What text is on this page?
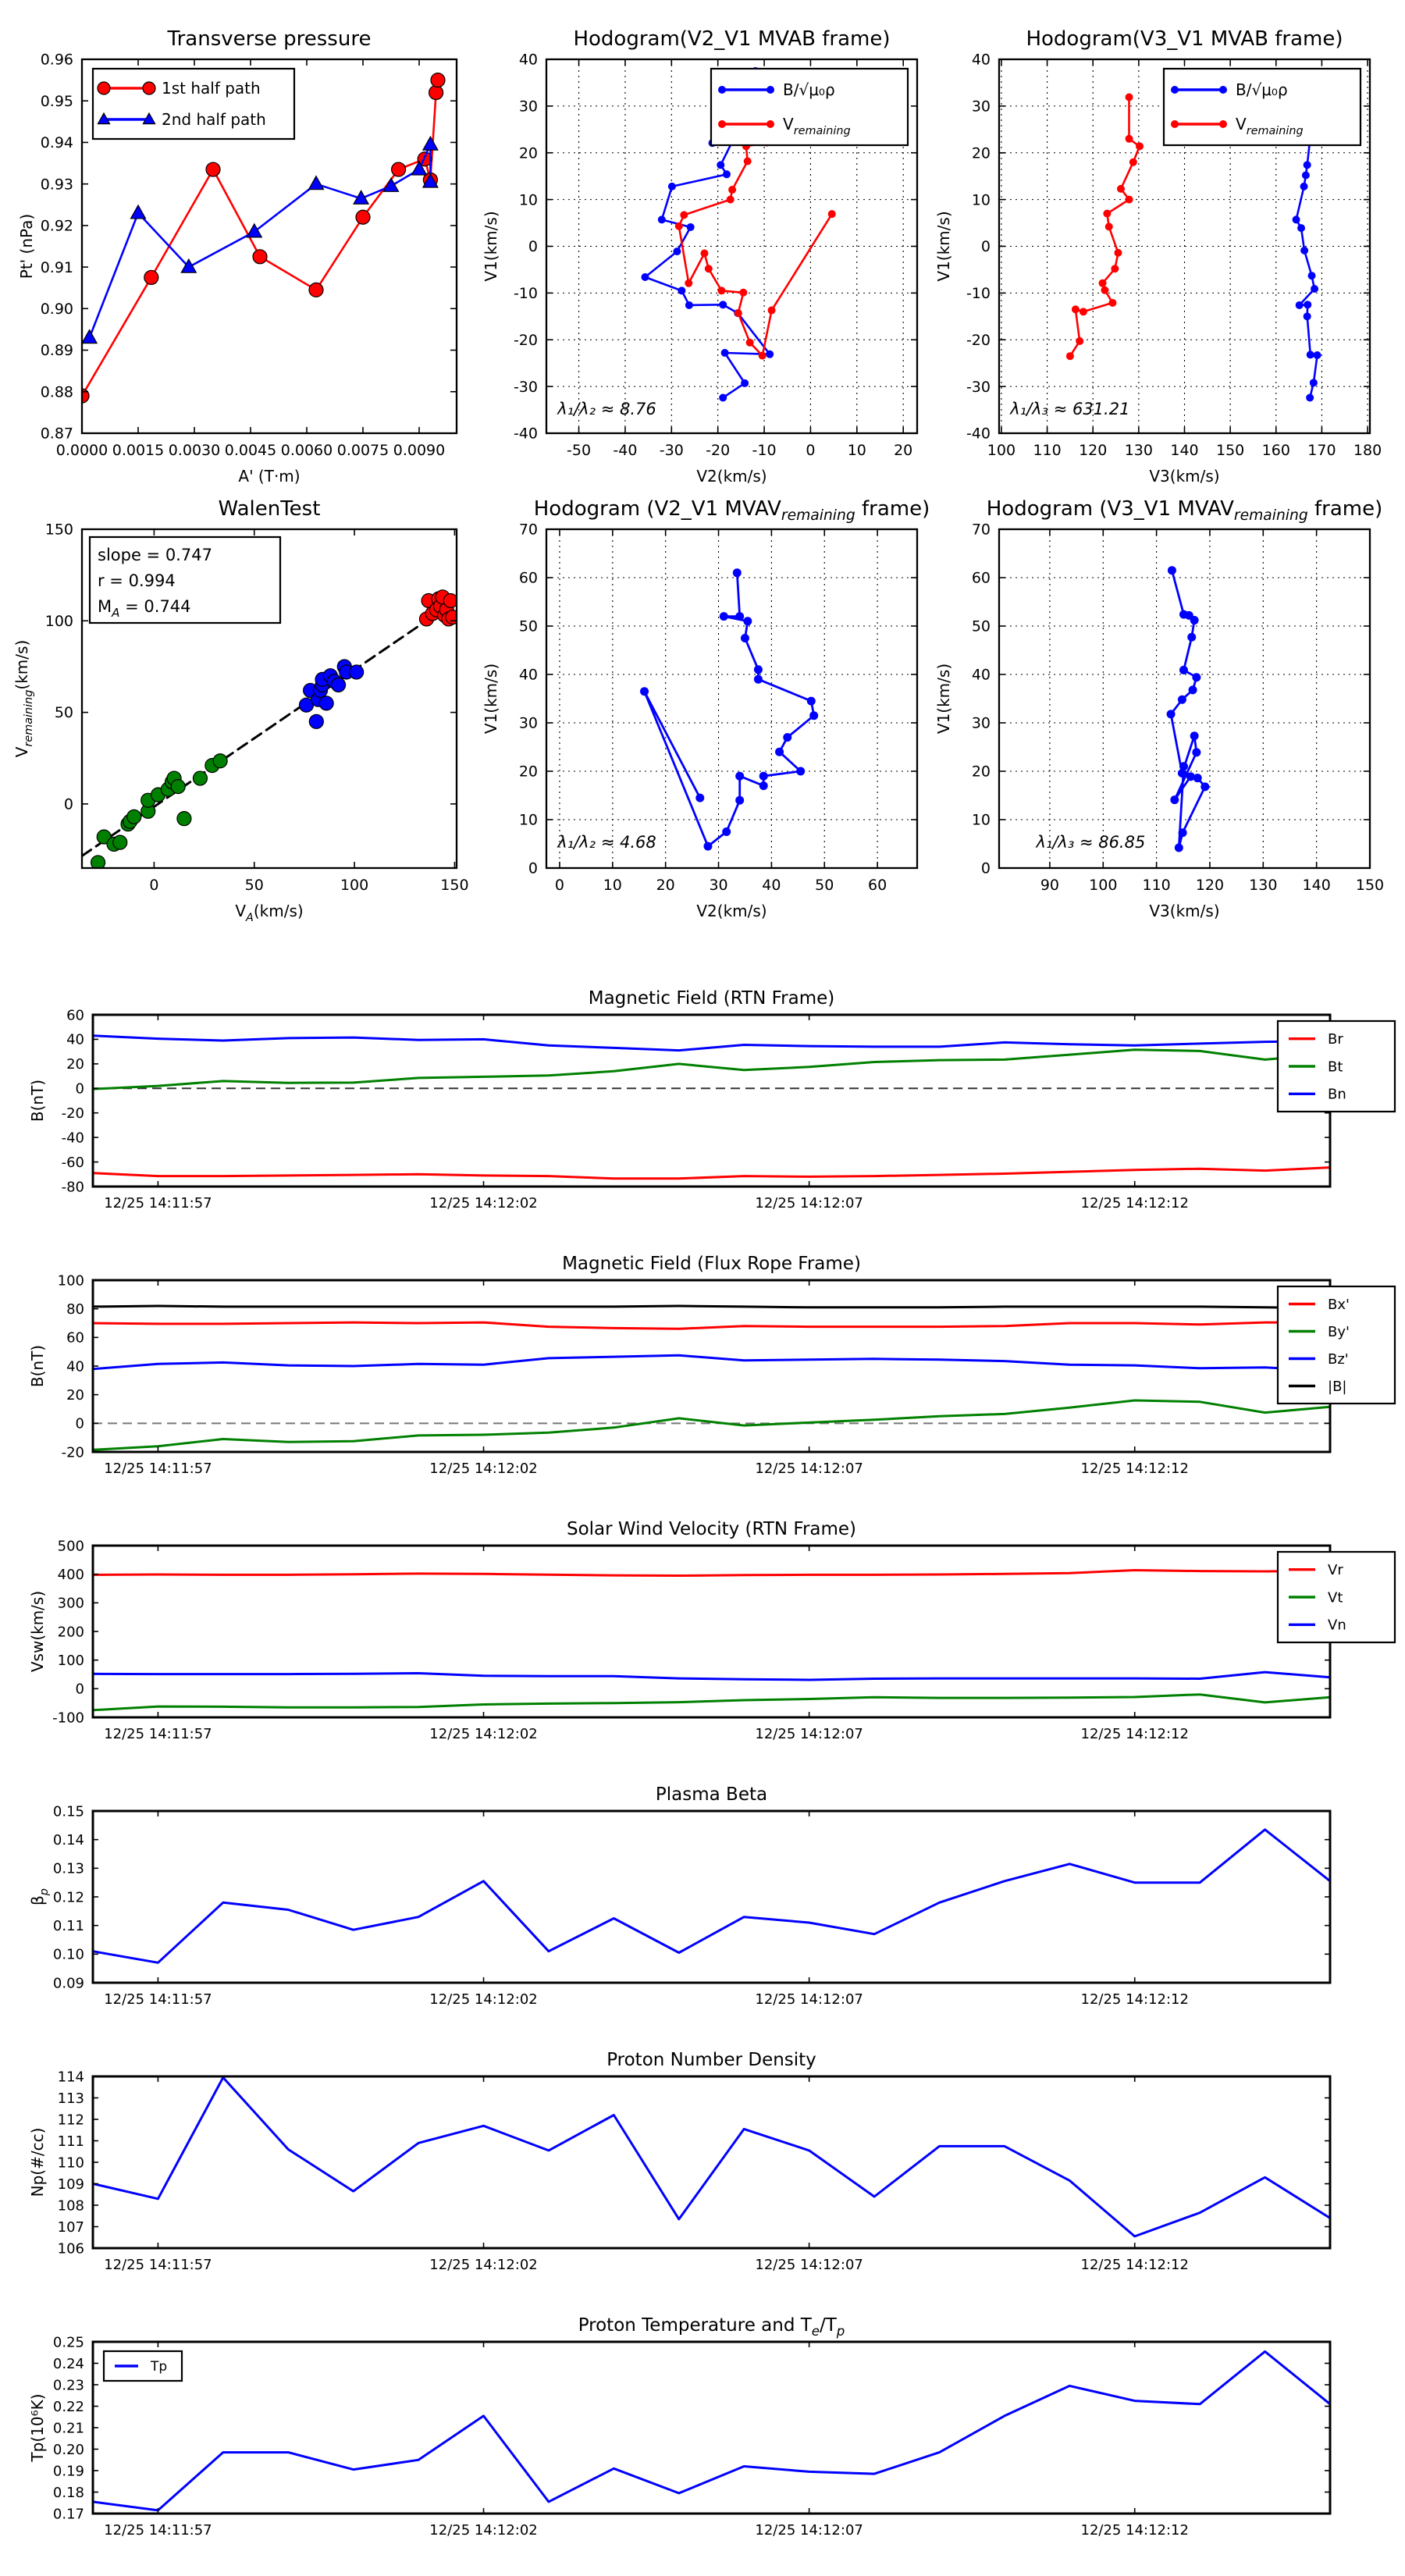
0.0000 0.0015 0.0030 0.0045 0.0060 0.0075 0.0090
0.87
0.88
0.89
0.90
0.91
0.92
0.93
0.94
0.95
0.96
Transverse pressure
A' (T·m)
Pt' (nPa)
1st half path
2nd half path
-50 -40 -30 -20 -10 0 10 20
-40
-30
-20
-10
0
10
20
30
40
Hodogram(V2_V1 MVAB frame)
V2(km/s)
V1(km/s)
λ₁/λ₂ ≈ 8.76
B/√μ₀ρ
$V_{remaining}$
100 110 120 130 140 150 160 170 180
-40
-30
-20
-10
0
10
20
30
40
Hodogram(V3_V1 MVAB frame)
V3(km/s)
V1(km/s)
λ₁/λ₃ ≈ 631.21
B/√μ₀ρ
$V_{remaining}$
0	50	100	150
0
50
100
150
WalenTest
$V_A(km/s)$
$V_{remaining}(km/s)$
slope = 0.747
r = 0.994
$M_A = 0.744$
0	10 20 30 40 50 60
0
10
20
30
40
50
60
70
Hodogram (V2_V1 $MVAV_{remaining}$ frame)
V2(km/s)
V1(km/s)
λ₁/λ₂ ≈ 4.68
90 100 110 120 130 140 150
0
10
20
30
40
50
60
70
Hodogram (V3_V1 $MVAV_{remaining}$ frame)
V3(km/s)
V1(km/s)
λ₁/λ₃ ≈ 86.85
12/25 14:11:57	12/25 14:12:02	12/25 14:12:07	12/25 14:12:12
-80
-60
-40
-20
0
20
40
60
Magnetic Field (RTN Frame)
B(nT)
Br
Bt
Bn
12/25 14:11:57	12/25 14:12:02	12/25 14:12:07	12/25 14:12:12
-20
0
20
40
60
80
100
Magnetic Field (Flux Rope Frame)
B(nT)
Bx'
By'
Bz'
|B|
12/25 14:11:57	12/25 14:12:02	12/25 14:12:07	12/25 14:12:12
-100
0
100
200
300
400
500
Solar Wind Velocity (RTN Frame)
Vsw(km/s)
Vr
Vt
Vn
12/25 14:11:57	12/25 14:12:02	12/25 14:12:07	12/25 14:12:12
0.09
0.10
0.11
0.12
0.13
0.14
0.15
Plasma Beta
$\beta_p$
12/25 14:11:57	12/25 14:12:02	12/25 14:12:07	12/25 14:12:12
106
107
108
109
110
111
112
113
114
Proton Number Density
Np(#/cc)
12/25 14:11:57	12/25 14:12:02	12/25 14:12:07	12/25 14:12:12
0.17
0.18
0.19
0.20
0.21
0.22
0.23
0.24
0.25
Proton Temperature and $T_e/T_p$
Tp(10⁶K)
Tp
